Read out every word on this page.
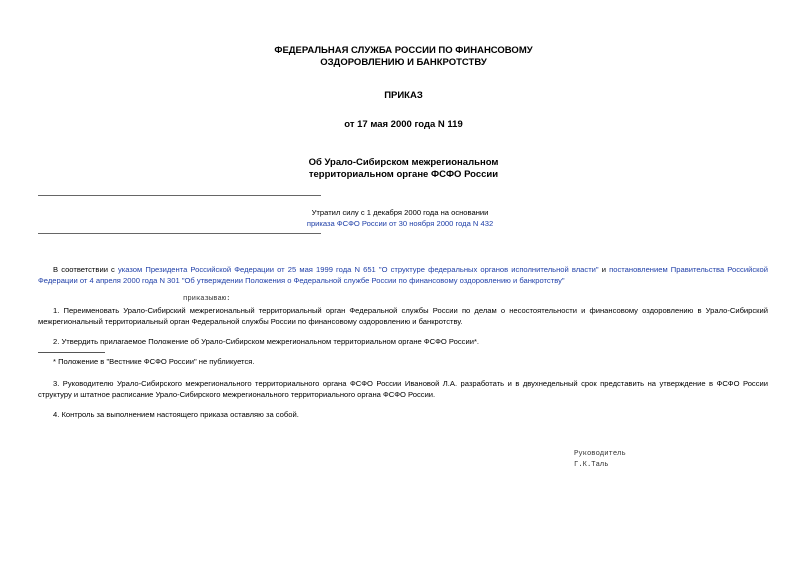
ФЕДЕРАЛЬНАЯ СЛУЖБА РОССИИ ПО ФИНАНСОВОМУ
ОЗДОРОВЛЕНИЮ И БАНКРОТСТВУ
ПРИКАЗ
от 17 мая 2000 года N 119
Об Урало-Сибирском межрегиональном
территориальном органе ФСФО России
Утратил силу с 1 декабря 2000 года на основании
приказа ФСФО России от 30 ноября 2000 года N 432
В соответствии с указом Президента Российской Федерации от 25 мая 1999 года N 651 "О структуре федеральных органов исполнительной власти" и постановлением Правительства Российской Федерации от 4 апреля 2000 года N 301 "Об утверждении Положения о Федеральной службе России по финансовому оздоровлению и банкротству"
приказываю:
1. Переименовать Урало-Сибирский межрегиональный территориальный орган Федеральной службы России по делам о несостоятельности и финансовому оздоровлению в Урало-Сибирский межрегиональный территориальный орган Федеральной службы России по финансовому оздоровлению и банкротству.
2. Утвердить прилагаемое Положение об Урало-Сибирском межрегиональном территориальном органе ФСФО России*.
* Положение в "Вестнике ФСФО России" не публикуется.
3. Руководителю Урало-Сибирского межрегионального территориального органа ФСФО России Ивановой Л.А. разработать и в двухнедельный срок представить на утверждение в ФСФО России структуру и штатное расписание Урало-Сибирского межрегионального территориального органа ФСФО России.
4. Контроль за выполнением настоящего приказа оставляю за собой.
Руководитель
Г.К.Таль
